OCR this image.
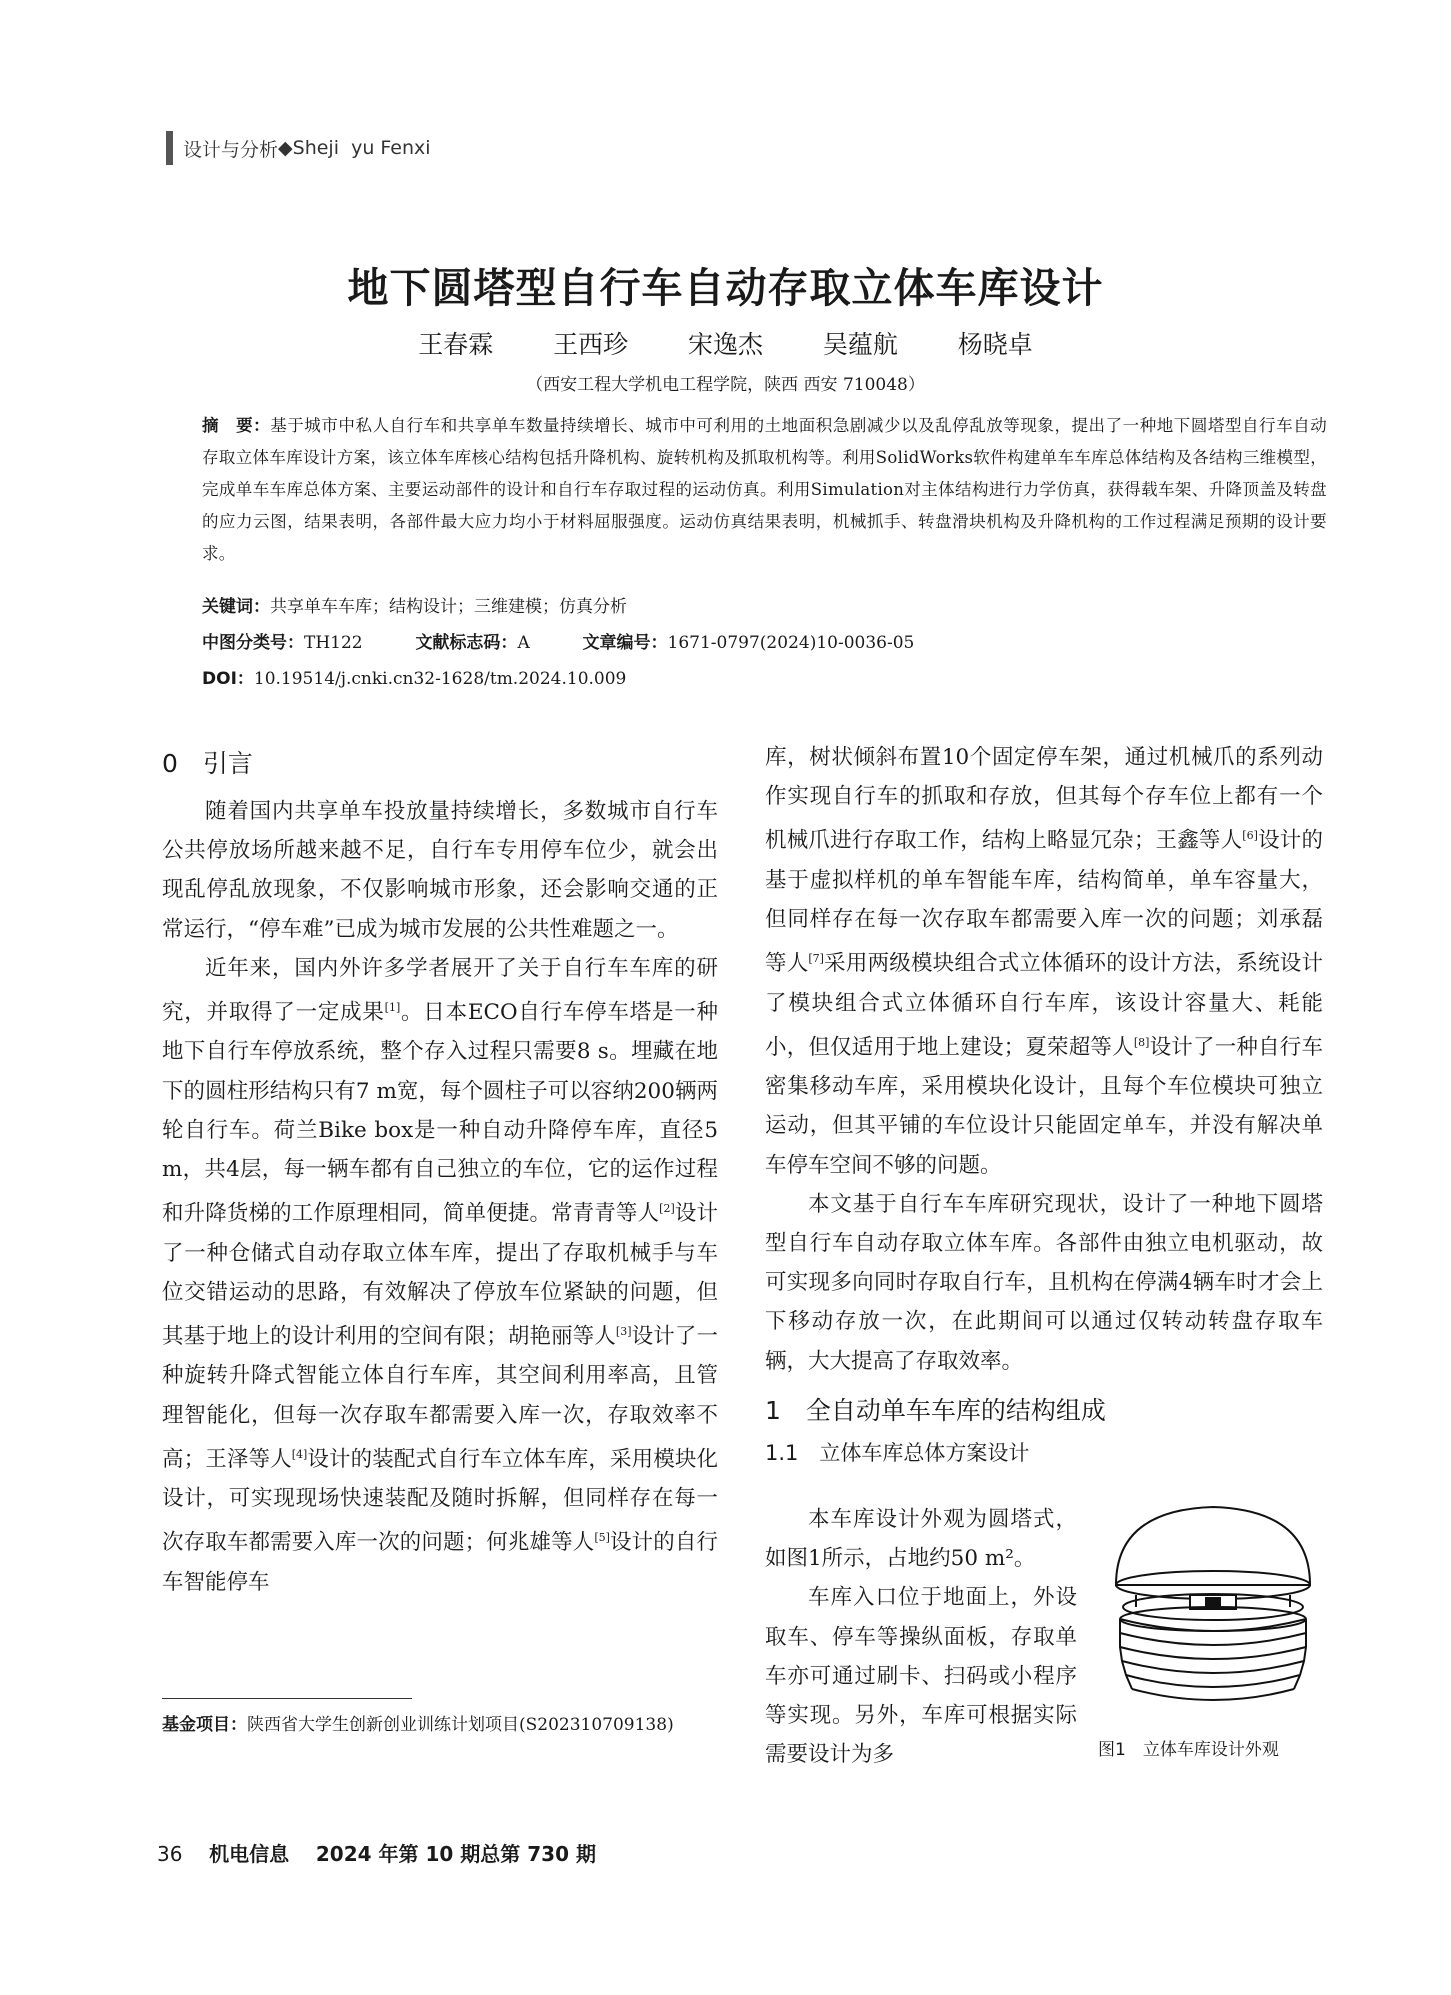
设计与分析 ◆ Sheji  yu Fenxi
地下圆塔型自行车自动存取立体车库设计
王春霖  王西珍  宋逸杰  吴蕴航  杨晓卓
（西安工程大学机电工程学院，陕西 西安 710048）
摘　要：基于城市中私人自行车和共享单车数量持续增长、城市中可利用的土地面积急剧减少以及乱停乱放等现象，提出了一种地下圆塔型自行车自动存取立体车库设计方案，该立体车库核心结构包括升降机构、旋转机构及抓取机构等。利用SolidWorks软件构建单车车库总体结构及各结构三维模型，完成单车车库总体方案、主要运动部件的设计和自行车存取过程的运动仿真。利用Simulation对主体结构进行力学仿真，获得载车架、升降顶盖及转盘的应力云图，结果表明，各部件最大应力均小于材料屈服强度。运动仿真结果表明，机械抓手、转盘滑块机构及升降机构的工作过程满足预期的设计要求。
关键词：共享单车车库；结构设计；三维建模；仿真分析
中图分类号：TH122	文献标志码：A	文章编号：1671-0797(2024)10-0036-05
DOI：10.19514/j.cnki.cn32-1628/tm.2024.10.009
0　引言

随着国内共享单车投放量持续增长，多数城市自行车公共停放场所越来越不足，自行车专用停车位少，就会出现乱停乱放现象，不仅影响城市形象，还会影响交通的正常运行，“停车难”已成为城市发展的公共性难题之一。

近年来，国内外许多学者展开了关于自行车车库的研究，并取得了一定成果[1]。日本ECO自行车停车塔是一种地下自行车停放系统，整个存入过程只需要8 s。埋藏在地下的圆柱形结构只有7 m宽，每个圆柱子可以容纳200辆两轮自行车。荷兰Bike box是一种自动升降停车库，直径5 m，共4层，每一辆车都有自己独立的车位，它的运作过程和升降货梯的工作原理相同，简单便捷。常青青等人[2]设计了一种仓储式自动存取立体车库，提出了存取机械手与车位交错运动的思路，有效解决了停放车位紧缺的问题，但其基于地上的设计利用的空间有限；胡艳丽等人[3]设计了一种旋转升降式智能立体自行车库，其空间利用率高，且管理智能化，但每一次存取车都需要入库一次，存取效率不高；王泽等人[4]设计的装配式自行车立体车库，采用模块化设计，可实现现场快速装配及随时拆解，但同样存在每一次存取车都需要入库一次的问题；何兆雄等人[5]设计的自行车智能停车

基金项目：陕西省大学生创新创业训练计划项目(S202310709138)

库，树状倾斜布置10个固定停车架，通过机械爪的系列动作实现自行车的抓取和存放，但其每个存车位上都有一个机械爪进行存取工作，结构上略显冗杂；王鑫等人[6]设计的基于虚拟样机的单车智能车库，结构简单，单车容量大，但同样存在每一次存取车都需要入库一次的问题；刘承磊等人[7]采用两级模块组合式立体循环的设计方法，系统设计了模块组合式立体循环自行车库，该设计容量大、耗能小，但仅适用于地上建设；夏荣超等人[8]设计了一种自行车密集移动车库，采用模块化设计，且每个车位模块可独立运动，但其平铺的车位设计只能固定单车，并没有解决单车停车空间不够的问题。

本文基于自行车车库研究现状，设计了一种地下圆塔型自行车自动存取立体车库。各部件由独立电机驱动，故可实现多向同时存取自行车，且机构在停满4辆车时才会上下移动存放一次，在此期间可以通过仅转动转盘存取车辆，大大提高了存取效率。

1　全自动单车车库的结构组成
1.1　立体车库总体方案设计

本车库设计外观为圆塔式，如图1所示，占地约50 m²。

车库入口位于地面上，外设取车、停车等操纵面板，存取单车亦可通过刷卡、扫码或小程序等实现。另外，车库可根据实际需要设计为多	图1　立体车库设计外观
36 机电信息 2024 年第 10 期总第 730 期
